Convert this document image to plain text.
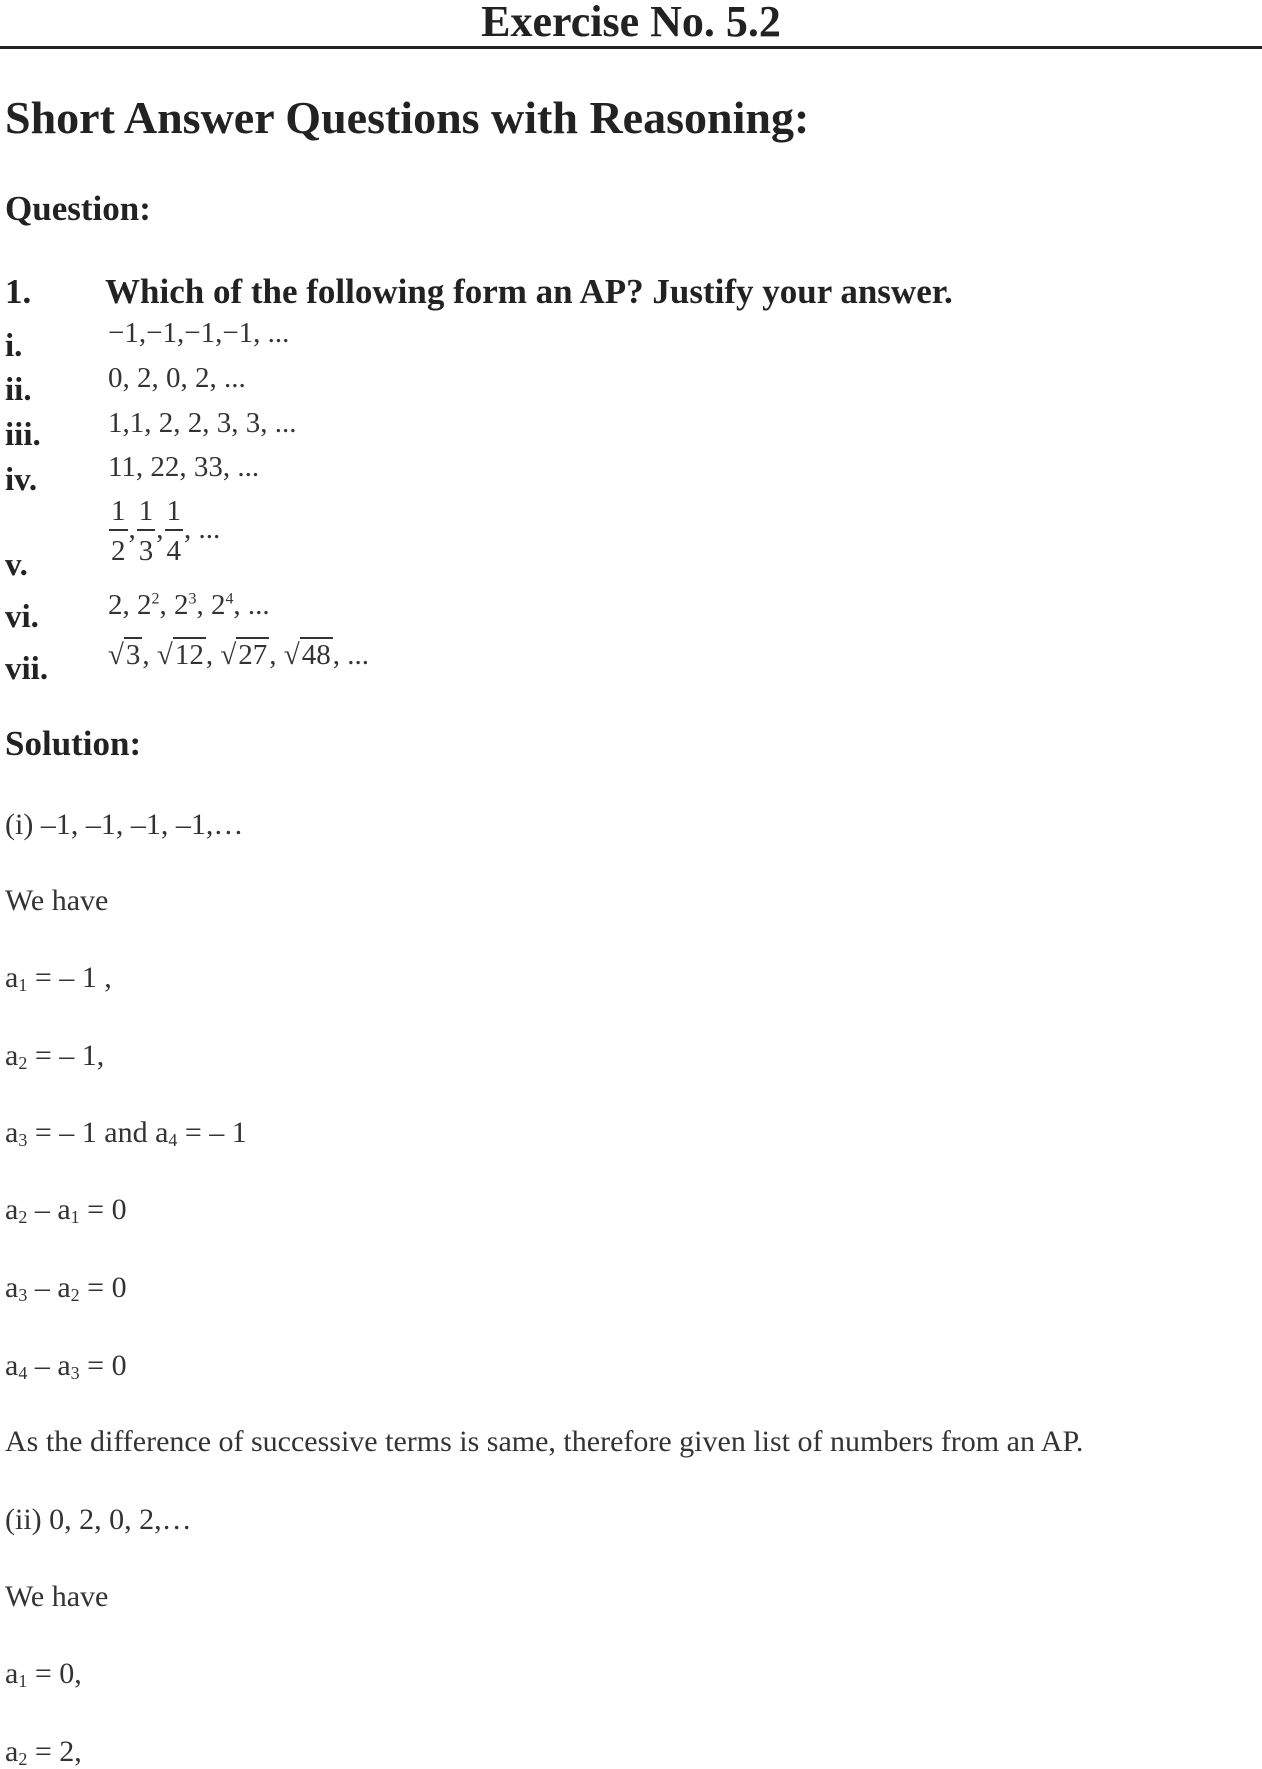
Exercise No. 5.2
Short Answer Questions with Reasoning:
Question:
1. Which of the following form an AP? Justify your answer.
i.	−1,−1,−1,−1, ...
ii.	0, 2, 0, 2, ...
iii. 1,1, 2, 2, 3, 3, ...
iv. 11, 22, 33, ...
v.	$\frac{1}{2}$ , $\frac{1}{3}$ , $\frac{1}{4}$ , ...
vi. 2, $2^2$, $2^3$, $2^4$, ...
vii. √3, √12, √27, √48, ...
Solution:
(i) –1, –1, –1, –1,…
We have
$a_1$ = – 1 ,
$a_2$ = – 1,
$a_3$ = – 1 and $a_4$ = – 1
$a_2 - a_1 = 0$
$a_3 - a_2 = 0$
$a_4 - a_3 = 0$
As the difference of successive terms is same, therefore given list of numbers from an AP.
(ii) 0, 2, 0, 2,…
We have
$a_1 = 0$,
$a_2 = 2$,
